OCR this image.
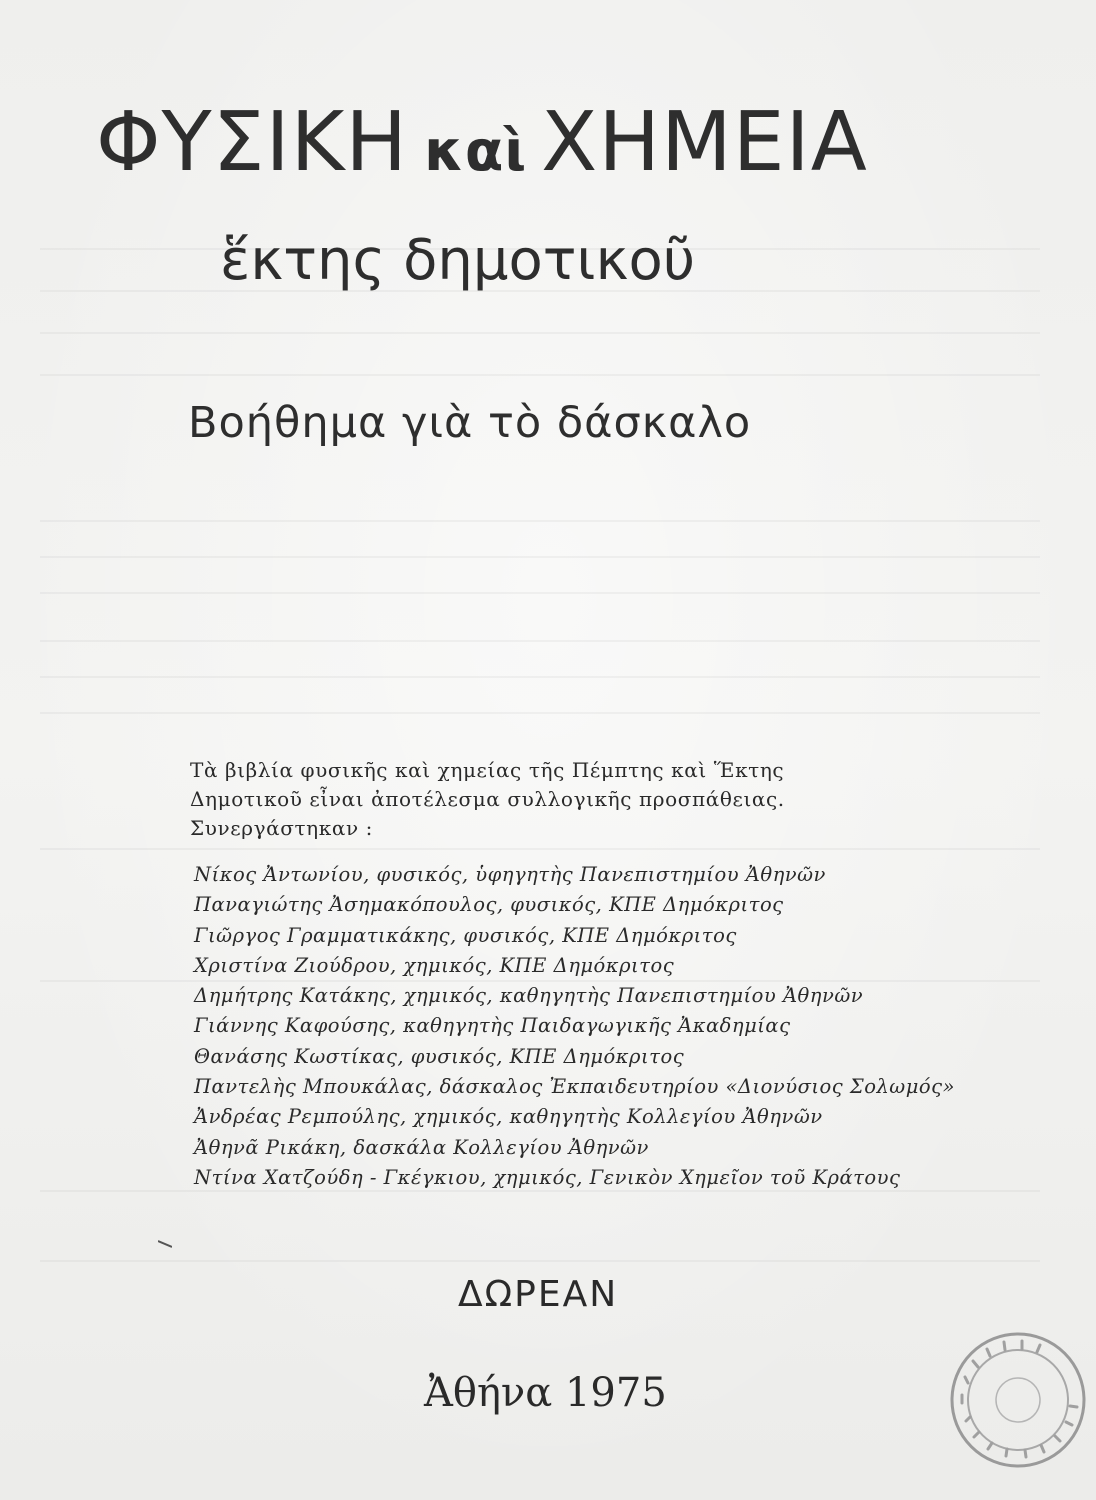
ΦΥΣΙΚΗ καὶ ΧΗΜΕΙΑ
ἕκτης δημοτικοῦ
Βοήθημα γιὰ τὸ δάσκαλο
Τὰ βιβλία φυσικῆς καὶ χημείας τῆς Πέμπτης καὶ Ἕκτης
Δημοτικοῦ εἶναι ἀποτέλεσμα συλλογικῆς προσπάθειας.
Συνεργάστηκαν :
Νίκος Ἀντωνίου, φυσικός, ὑφηγητὴς Πανεπιστημίου Ἀθηνῶν
Παναγιώτης Ἀσημακόπουλος, φυσικός, ΚΠΕ Δημόκριτος
Γιῶργος Γραμματικάκης, φυσικός, ΚΠΕ Δημόκριτος
Χριστίνα Ζιούδρου, χημικός, ΚΠΕ Δημόκριτος
Δημήτρης Κατάκης, χημικός, καθηγητὴς Πανεπιστημίου Ἀθηνῶν
Γιάννης Καφούσης, καθηγητὴς Παιδαγωγικῆς Ἀκαδημίας
Θανάσης Κωστίκας, φυσικός, ΚΠΕ Δημόκριτος
Παντελὴς Μπουκάλας, δάσκαλος Ἐκπαιδευτηρίου «Διονύσιος Σολωμός»
Ἀνδρέας Ρεμπούλης, χημικός, καθηγητὴς Κολλεγίου Ἀθηνῶν
Ἀθηνᾶ Ρικάκη, δασκάλα Κολλεγίου Ἀθηνῶν
Ντίνα Χατζούδη - Γκέγκιου, χημικός, Γενικὸν Χημεῖον τοῦ Κράτους
ΔΩΡΕΑΝ
Ἀθήνα 1975
